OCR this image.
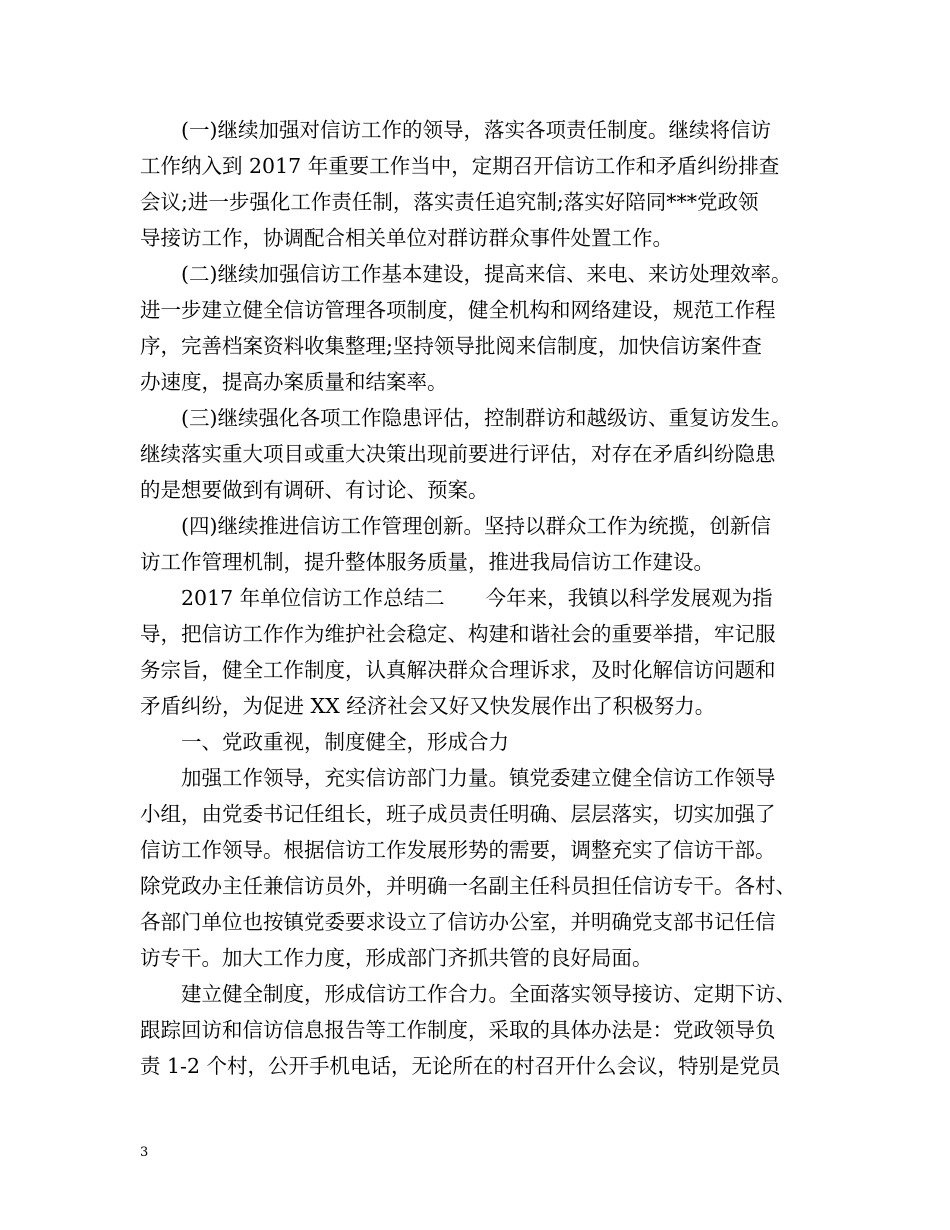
　　(一)继续加强对信访工作的领导，落实各项责任制度。继续将信访
工作纳入到 2017 年重要工作当中，定期召开信访工作和矛盾纠纷排查
会议;进一步强化工作责任制，落实责任追究制;落实好陪同***党政领
导接访工作，协调配合相关单位对群访群众事件处置工作。
　　(二)继续加强信访工作基本建设，提高来信、来电、来访处理效率。
进一步建立健全信访管理各项制度，健全机构和网络建设，规范工作程
序，完善档案资料收集整理;坚持领导批阅来信制度，加快信访案件查
办速度，提高办案质量和结案率。
　　(三)继续强化各项工作隐患评估，控制群访和越级访、重复访发生。
继续落实重大项目或重大决策出现前要进行评估，对存在矛盾纠纷隐患
的是想要做到有调研、有讨论、预案。
　　(四)继续推进信访工作管理创新。坚持以群众工作为统揽，创新信
访工作管理机制，提升整体服务质量，推进我局信访工作建设。
　　2017 年单位信访工作总结二　　今年来，我镇以科学发展观为指
导，把信访工作作为维护社会稳定、构建和谐社会的重要举措，牢记服
务宗旨，健全工作制度，认真解决群众合理诉求，及时化解信访问题和
矛盾纠纷，为促进 XX 经济社会又好又快发展作出了积极努力。
　　一、党政重视，制度健全，形成合力
　　加强工作领导，充实信访部门力量。镇党委建立健全信访工作领导
小组，由党委书记任组长，班子成员责任明确、层层落实，切实加强了
信访工作领导。根据信访工作发展形势的需要，调整充实了信访干部。
除党政办主任兼信访员外，并明确一名副主任科员担任信访专干。各村、
各部门单位也按镇党委要求设立了信访办公室，并明确党支部书记任信
访专干。加大工作力度，形成部门齐抓共管的良好局面。
　　建立健全制度，形成信访工作合力。全面落实领导接访、定期下访、
跟踪回访和信访信息报告等工作制度，采取的具体办法是：党政领导负
责 1-2 个村，公开手机电话，无论所在的村召开什么会议，特别是党员
3
